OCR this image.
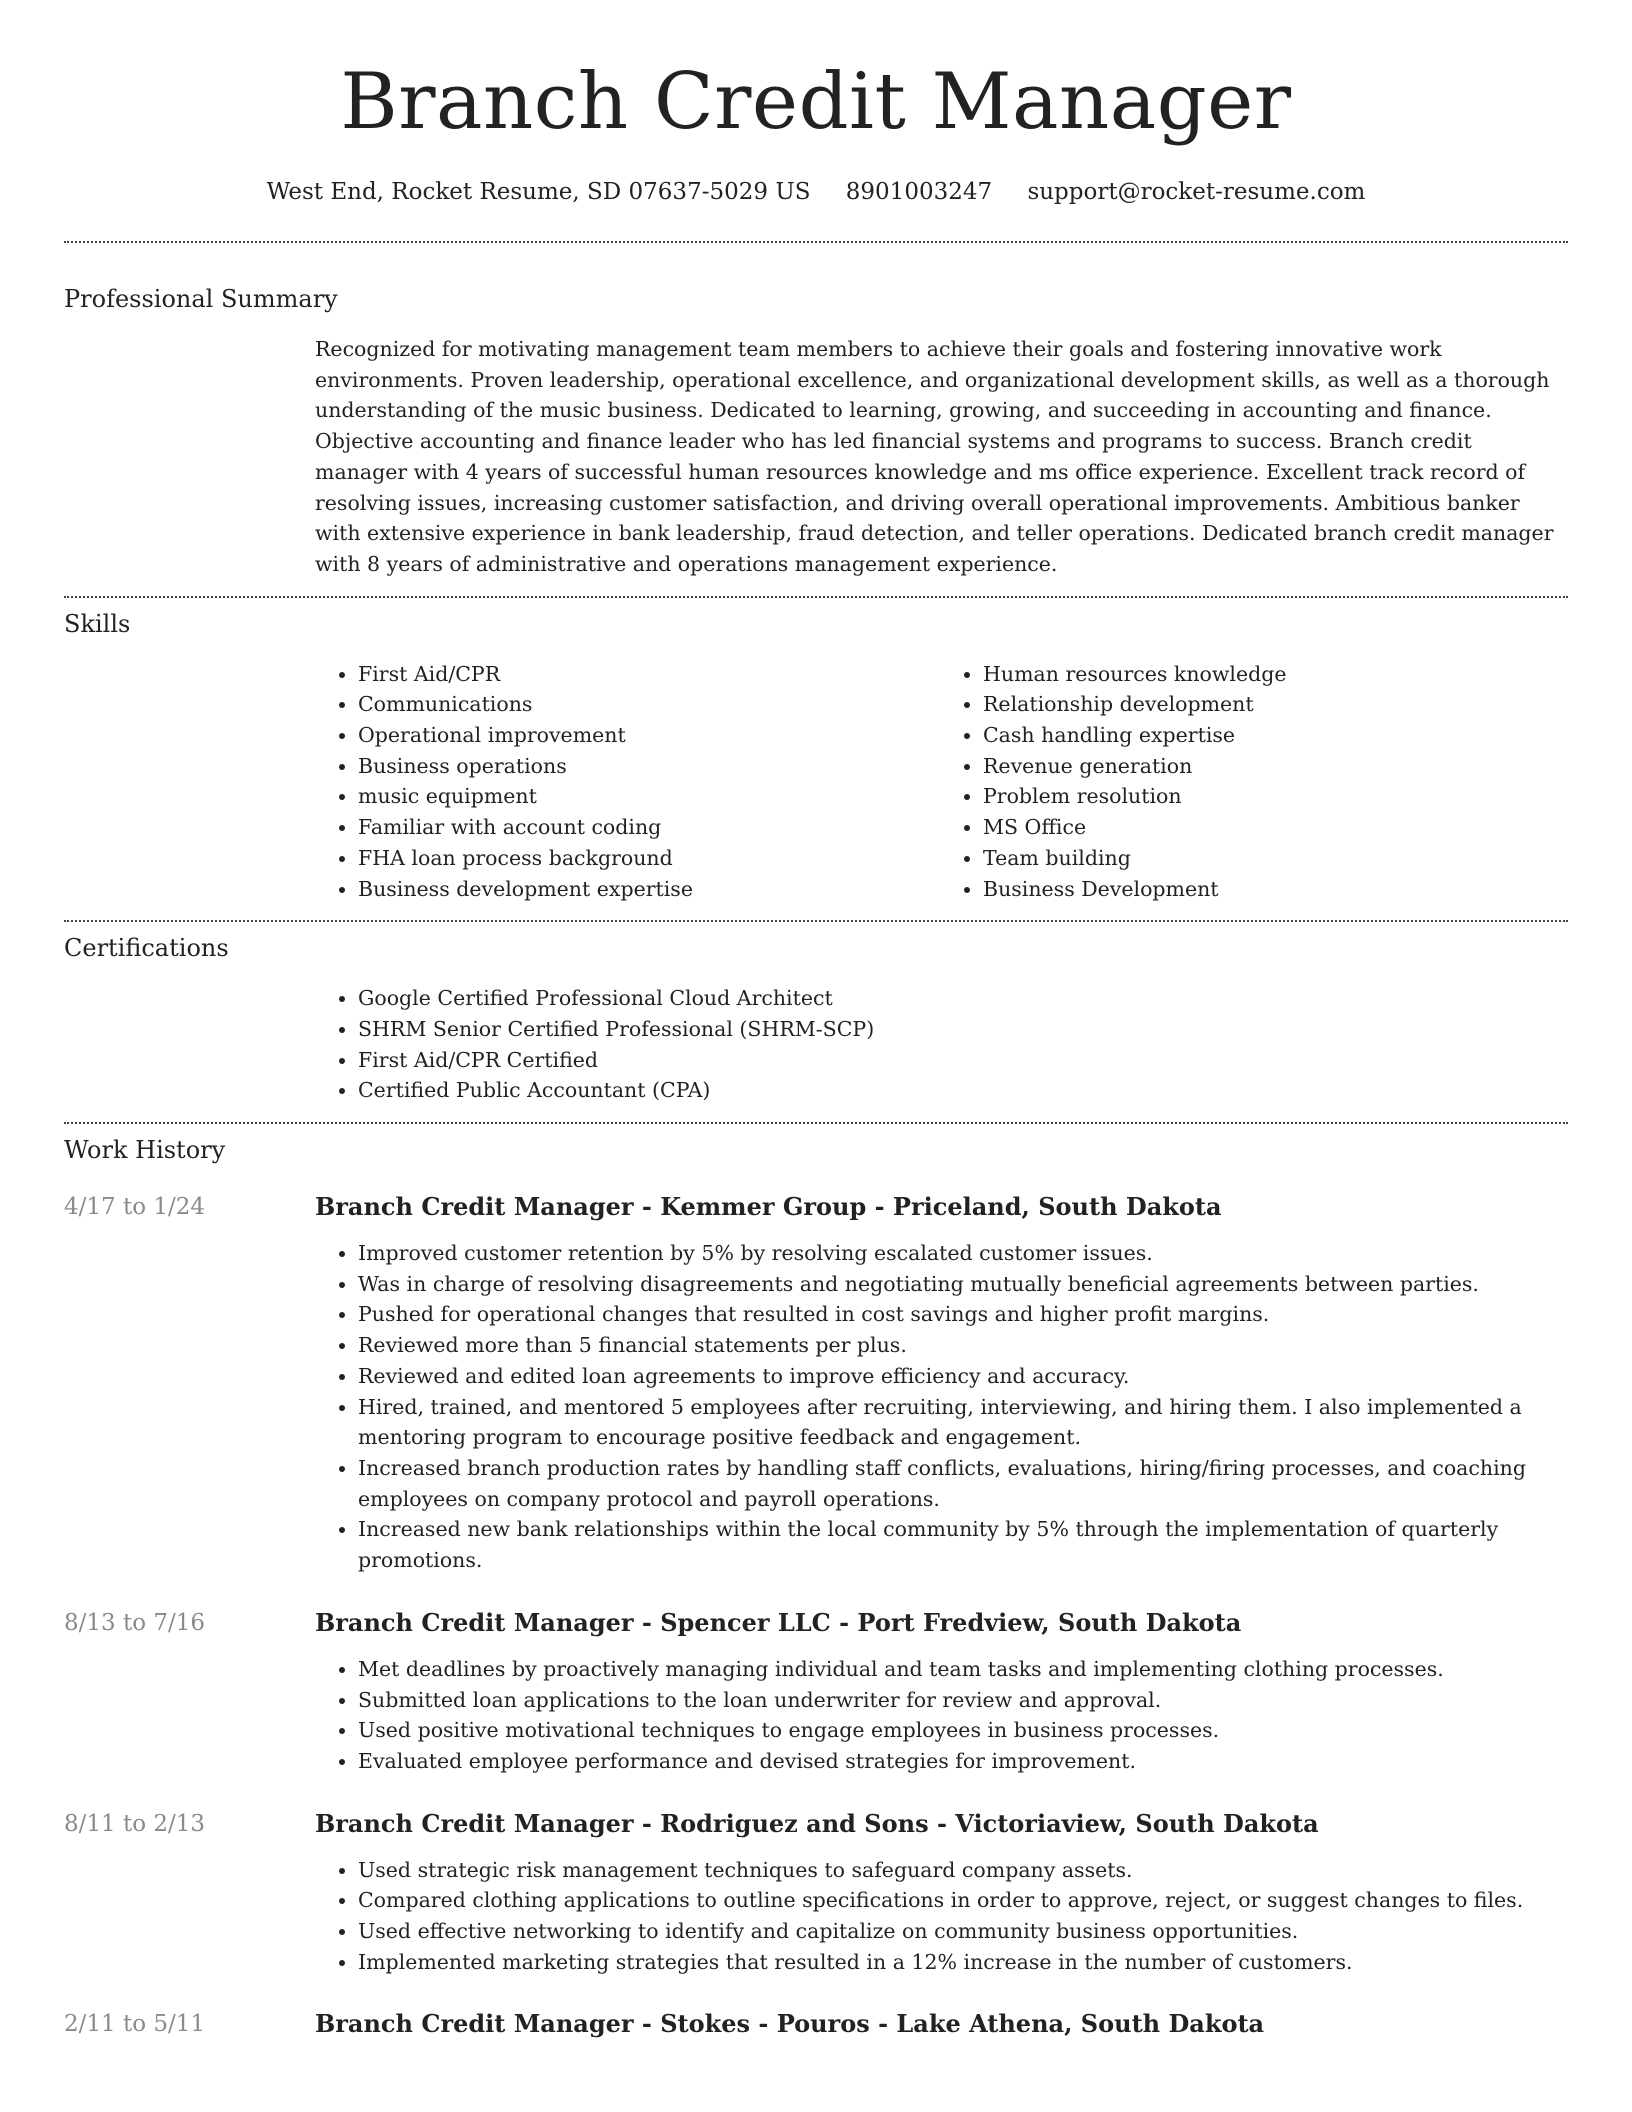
Branch Credit Manager
West End, Rocket Resume, SD 07637-5029 US 8901003247 support@rocket-resume.com
Professional Summary

Recognized for motivating management team members to achieve their goals and fostering innovative work environments. Proven leadership, operational excellence, and organizational development skills, as well as a thorough understanding of the music business. Dedicated to learning, growing, and succeeding in accounting and finance. Objective accounting and finance leader who has led financial systems and programs to success. Branch credit manager with 4 years of successful human resources knowledge and ms office experience. Excellent track record of resolving issues, increasing customer satisfaction, and driving overall operational improvements. Ambitious banker with extensive experience in bank leadership, fraud detection, and teller operations. Dedicated branch credit manager with 8 years of administrative and operations management experience.

Skills
• First Aid/CPR
• Communications
• Operational improvement
• Business operations
• music equipment
• Familiar with account coding
• FHA loan process background
• Business development expertise
• Human resources knowledge
• Relationship development
• Cash handling expertise
• Revenue generation
• Problem resolution
• MS Office
• Team building
• Business Development
Certifications
• Google Certified Professional Cloud Architect
• SHRM Senior Certified Professional (SHRM-SCP)
• First Aid/CPR Certified
• Certified Public Accountant (CPA)
Work History
4/17 to 1/24	Branch Credit Manager - Kemmer Group - Priceland, South Dakota
• Improved customer retention by 5% by resolving escalated customer issues.
• Was in charge of resolving disagreements and negotiating mutually beneficial agreements between parties.
• Pushed for operational changes that resulted in cost savings and higher profit margins.
• Reviewed more than 5 financial statements per plus.
• Reviewed and edited loan agreements to improve efficiency and accuracy.
• Hired, trained, and mentored 5 employees after recruiting, interviewing, and hiring them. I also implemented a mentoring program to encourage positive feedback and engagement.
• Increased branch production rates by handling staff conflicts, evaluations, hiring/firing processes, and coaching employees on company protocol and payroll operations.
• Increased new bank relationships within the local community by 5% through the implementation of quarterly promotions.
8/13 to 7/16	Branch Credit Manager - Spencer LLC - Port Fredview, South Dakota
• Met deadlines by proactively managing individual and team tasks and implementing clothing processes.
• Submitted loan applications to the loan underwriter for review and approval.
• Used positive motivational techniques to engage employees in business processes.
• Evaluated employee performance and devised strategies for improvement.
8/11 to 2/13	Branch Credit Manager - Rodriguez and Sons - Victoriaview, South Dakota
• Used strategic risk management techniques to safeguard company assets.
• Compared clothing applications to outline specifications in order to approve, reject, or suggest changes to files.
• Used effective networking to identify and capitalize on community business opportunities.
• Implemented marketing strategies that resulted in a 12% increase in the number of customers.
2/11 to 5/11	Branch Credit Manager - Stokes - Pouros - Lake Athena, South Dakota
